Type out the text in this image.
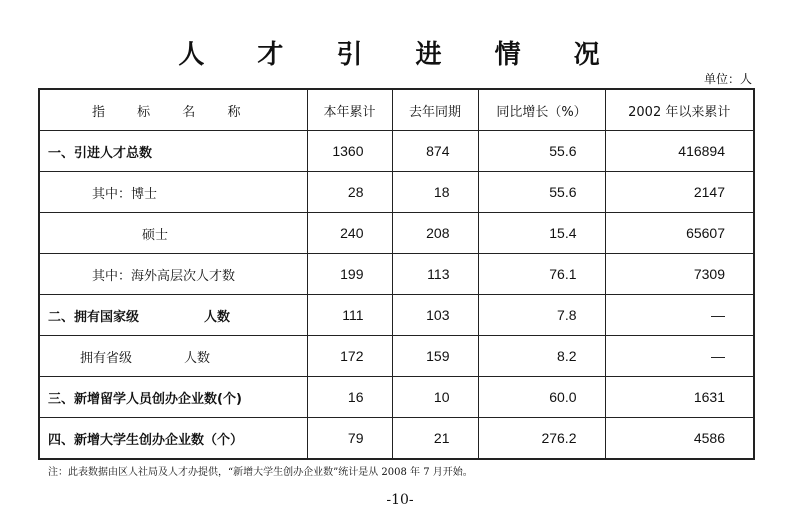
人 才 引 进 情 况
单位：人
指 标 名 称	本年累计	去年同期	同比增长（%）	2002 年以来累计
一、引进人才总数	1360	874	55.6	416894
其中：博士	28	18	55.6	2147
硕士	240	208	15.4	65607
其中：海外高层次人才数	199	113	76.1	7309
二、拥有国家级　　　　　人数	111	103	7.8	—
拥有省级　　　　人数	172	159	8.2	—
三、新增留学人员创办企业数(个)	16	10	60.0	1631
四、新增大学生创办企业数（个）	79	21	276.2	4586
注：此表数据由区人社局及人才办提供，“新增大学生创办企业数”统计是从 2008 年 7 月开始。
-10-
